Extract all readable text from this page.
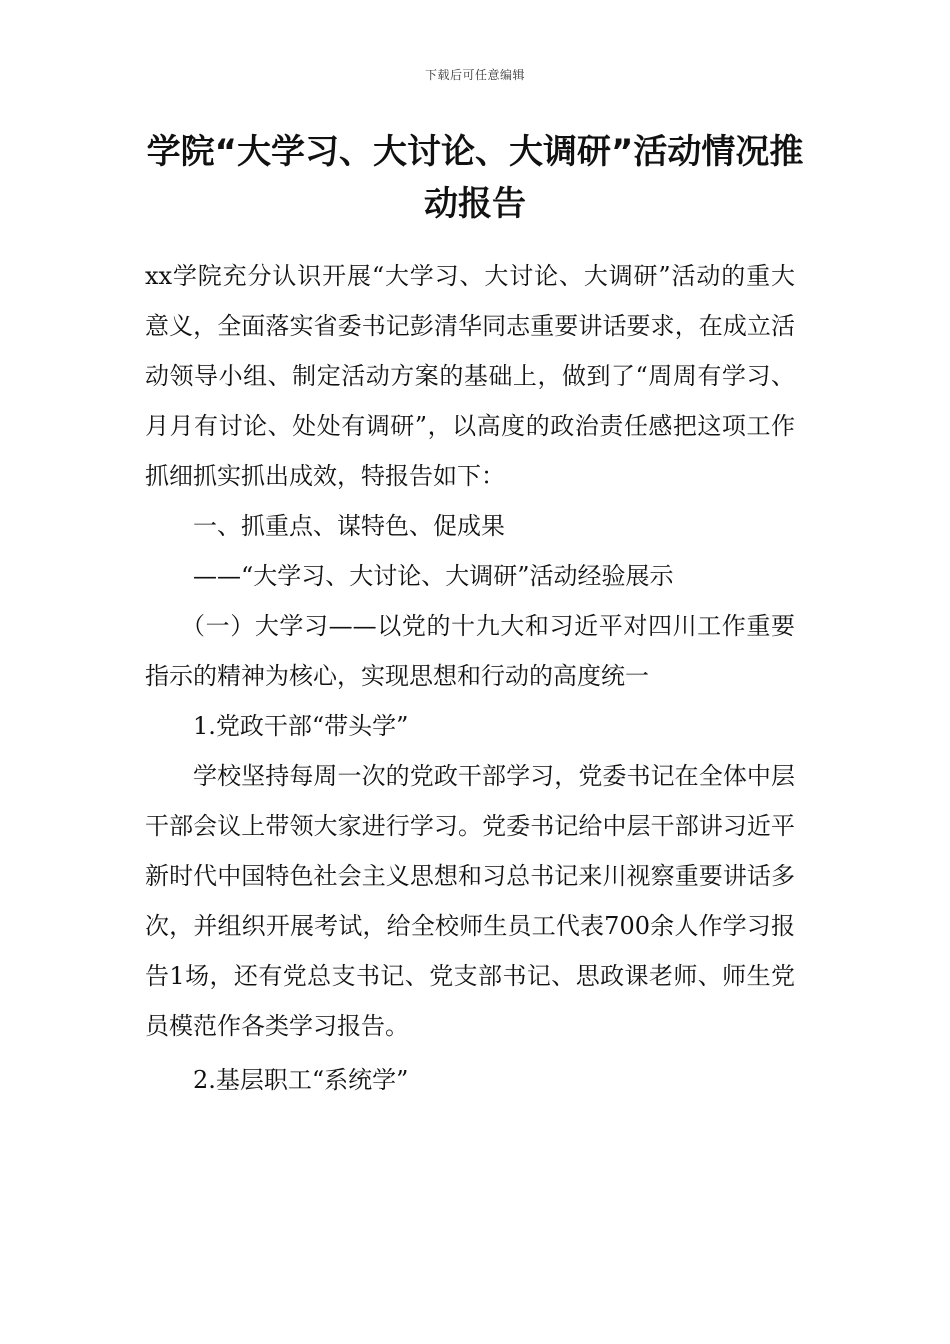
下载后可任意编辑
学院“大学习、大讨论、大调研”活动情况推动报告

xx学院充分认识开展“大学习、大讨论、大调研”活动的重大意义，全面落实省委书记彭清华同志重要讲话要求，在成立活动领导小组、制定活动方案的基础上，做到了“周周有学习、月月有讨论、处处有调研”，以高度的政治责任感把这项工作抓细抓实抓出成效，特报告如下：

一、抓重点、谋特色、促成果

——“大学习、大讨论、大调研”活动经验展示

（一）大学习——以党的十九大和习近平对四川工作重要指示的精神为核心，实现思想和行动的高度统一

1.党政干部“带头学”

学校坚持每周一次的党政干部学习，党委书记在全体中层干部会议上带领大家进行学习。党委书记给中层干部讲习近平新时代中国特色社会主义思想和习总书记来川视察重要讲话多次，并组织开展考试，给全校师生员工代表700余人作学习报告1场，还有党总支书记、党支部书记、思政课老师、师生党员模范作各类学习报告。

2.基层职工“系统学”
